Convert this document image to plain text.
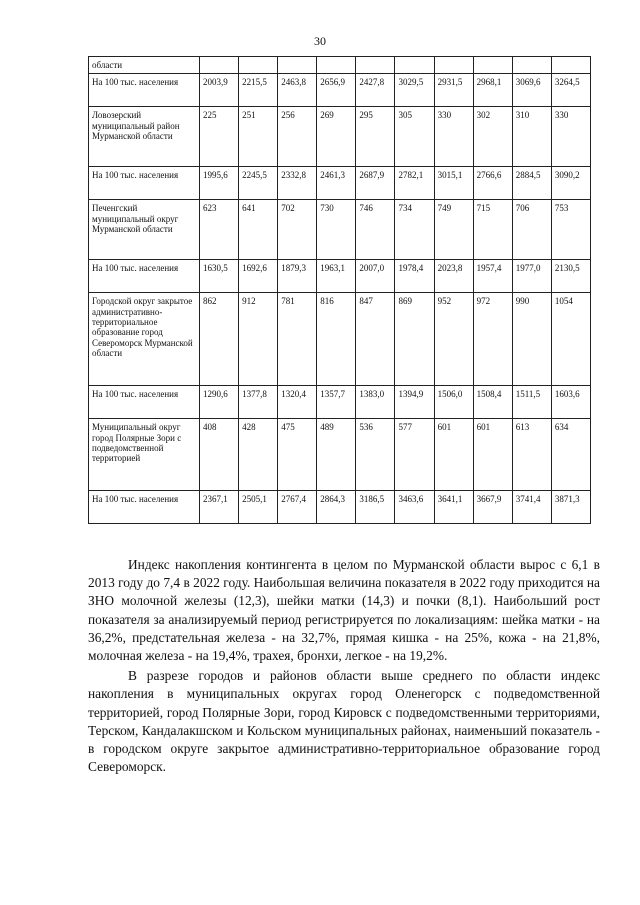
30
области										
На 100 тыс. населения	2003,9	2215,5	2463,8	2656,9	2427,8	3029,5	2931,5	2968,1	3069,6	3264,5
Ловозерский муниципальный район Мурманской области	225	251	256	269	295	305	330	302	310	330
На 100 тыс. населения	1995,6	2245,5	2332,8	2461,3	2687,9	2782,1	3015,1	2766,6	2884,5	3090,2
Печенгский муниципальный округ Мурманской области	623	641	702	730	746	734	749	715	706	753
На 100 тыс. населения	1630,5	1692,6	1879,3	1963,1	2007,0	1978,4	2023,8	1957,4	1977,0	2130,5
Городской округ закрытое административно-территориальное образование город Североморск Мурманской области	862	912	781	816	847	869	952	972	990	1054
На 100 тыс. населения	1290,6	1377,8	1320,4	1357,7	1383,0	1394,9	1506,0	1508,4	1511,5	1603,6
Муниципальный округ город Полярные Зори с подведомственной территорией	408	428	475	489	536	577	601	601	613	634
На 100 тыс. населения	2367,1	2505,1	2767,4	2864,3	3186,5	3463,6	3641,1	3667,9	3741,4	3871,3

Индекс накопления контингента в целом по Мурманской области вырос с 6,1 в 2013 году до 7,4 в 2022 году. Наибольшая величина показателя в 2022 году приходится на ЗНО молочной железы (12,3), шейки матки (14,3) и почки (8,1). Наибольший рост показателя за анализируемый период регистрируется по локализациям: шейка матки - на 36,2%, предстательная железа - на 32,7%, прямая кишка - на 25%, кожа - на 21,8%, молочная железа - на 19,4%, трахея, бронхи, легкое - на 19,2%.

В разрезе городов и районов области выше среднего по области индекс накопления в муниципальных округах город Оленегорск с подведомственной территорией, город Полярные Зори, город Кировск с подведомственными территориями, Терском, Кандалакшском и Кольском муниципальных районах, наименьший показатель - в городском округе закрытое административно-территориальное образование город Североморск.
